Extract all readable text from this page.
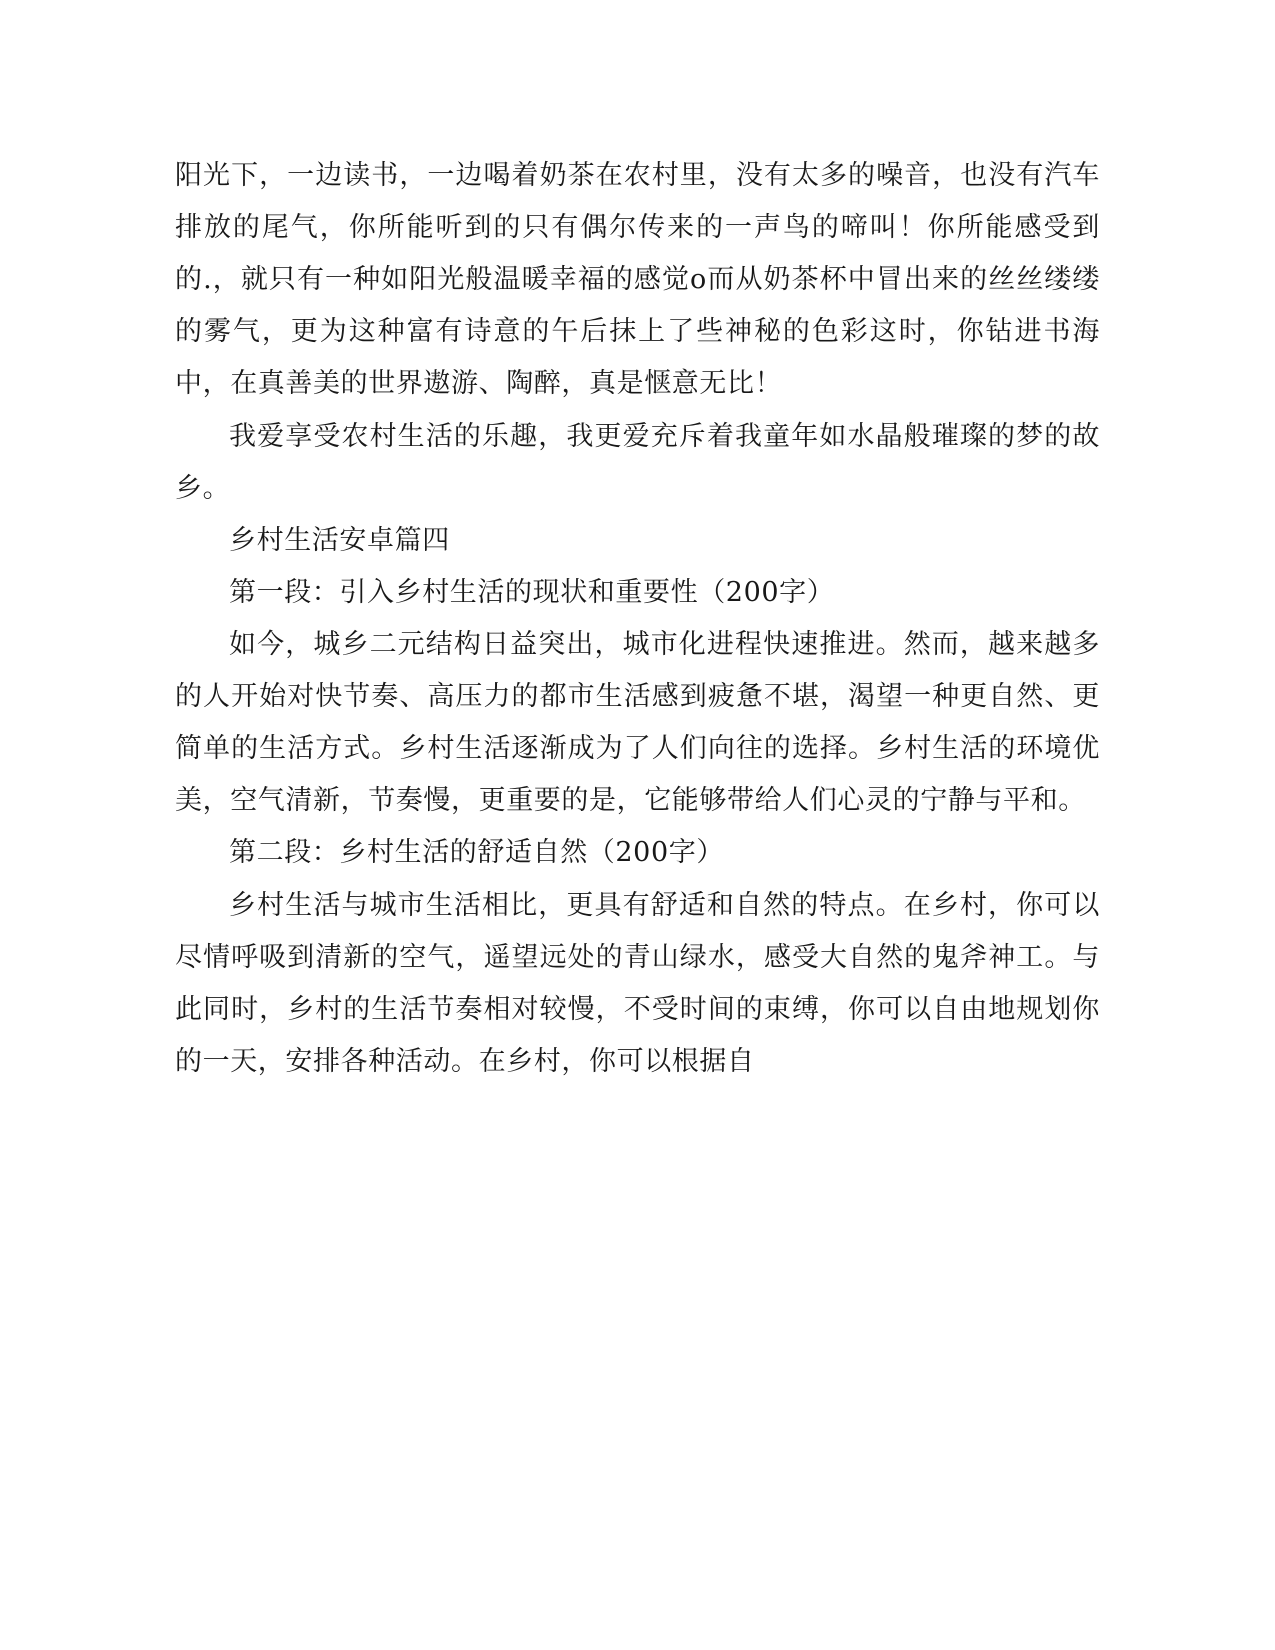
阳光下，一边读书，一边喝着奶茶在农村里，没有太多的噪音，也没有汽车排放的尾气，你所能听到的只有偶尔传来的一声鸟的啼叫！你所能感受到的.，就只有一种如阳光般温暖幸福的感觉o而从奶茶杯中冒出来的丝丝缕缕的雾气，更为这种富有诗意的午后抹上了些神秘的色彩这时，你钻进书海中，在真善美的世界遨游、陶醉，真是惬意无比！

我爱享受农村生活的乐趣，我更爱充斥着我童年如水晶般璀璨的梦的故乡。

乡村生活安卓篇四

第一段：引入乡村生活的现状和重要性（200字）

如今，城乡二元结构日益突出，城市化进程快速推进。然而，越来越多的人开始对快节奏、高压力的都市生活感到疲惫不堪，渴望一种更自然、更简单的生活方式。乡村生活逐渐成为了人们向往的选择。乡村生活的环境优美，空气清新，节奏慢，更重要的是，它能够带给人们心灵的宁静与平和。

第二段：乡村生活的舒适自然（200字）

乡村生活与城市生活相比，更具有舒适和自然的特点。在乡村，你可以尽情呼吸到清新的空气，遥望远处的青山绿水，感受大自然的鬼斧神工。与此同时，乡村的生活节奏相对较慢，不受时间的束缚，你可以自由地规划你的一天，安排各种活动。在乡村，你可以根据自
